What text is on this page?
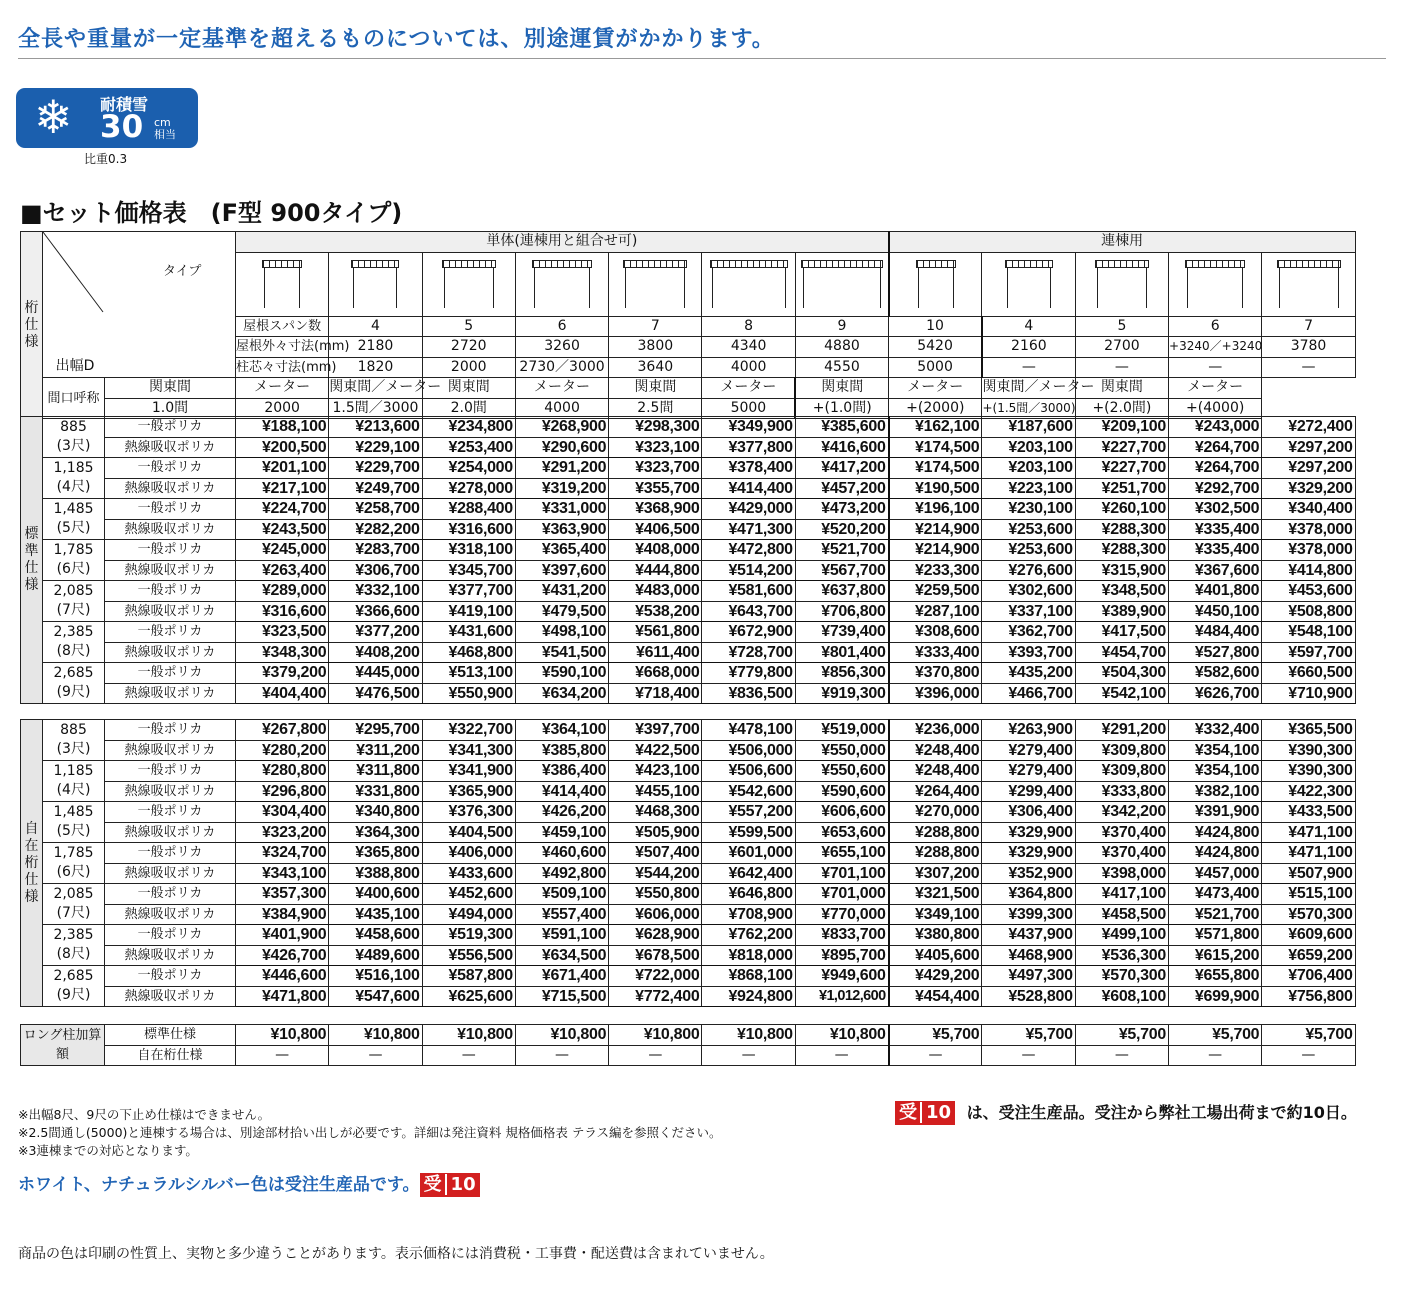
全長や重量が一定基準を超えるものについては、別途運賃がかかります。
❄ 耐積雪
30 cm 相当
比重0.3
■セット価格表　(F型 900タイプ)
桁仕様	タイプ		単体(連棟用と組合せ可)							連棟用					

			屋根スパン数	4	5	6	7	8	9	10	4	5	6	7	
			屋根外々寸法(mm)	2180	2720	3260	3800	4340	4880	5420	2160	2700	+3240／+3240	3780	
			柱芯々寸法(mm)	1820	2000	2730／3000	3640	4000	4550	5000	—	—	—	—	
	間口呼称	関東間	メーター	関東間／メーター	関東間	メーター	関東間	メーター	関東間	メーター	関東間／メーター	関東間	メーター		
		1.0間	2000	1.5間／3000	2.0間	4000	2.5間	5000	+(1.0間)	+(2000)	+(1.5間／3000)	+(2.0間)	+(4000)		
出幅D
標準仕様	885
(3尺)	一般ポリカ	¥188,100	¥213,600	¥234,800	¥268,900	¥298,300	¥349,900	¥385,600	¥162,100	¥187,600	¥209,100	¥243,000	¥272,400
		熱線吸収ポリカ	¥200,500	¥229,100	¥253,400	¥290,600	¥323,100	¥377,800	¥416,600	¥174,500	¥203,100	¥227,700	¥264,700	¥297,200

	1,185
(4尺)	一般ポリカ	¥201,100	¥229,700	¥254,000	¥291,200	¥323,700	¥378,400	¥417,200	¥174,500	¥203,100	¥227,700	¥264,700	¥297,200
		熱線吸収ポリカ	¥217,100	¥249,700	¥278,000	¥319,200	¥355,700	¥414,400	¥457,200	¥190,500	¥223,100	¥251,700	¥292,700	¥329,200

	1,485
(5尺)	一般ポリカ	¥224,700	¥258,700	¥288,400	¥331,000	¥368,900	¥429,000	¥473,200	¥196,100	¥230,100	¥260,100	¥302,500	¥340,400
		熱線吸収ポリカ	¥243,500	¥282,200	¥316,600	¥363,900	¥406,500	¥471,300	¥520,200	¥214,900	¥253,600	¥288,300	¥335,400	¥378,000

	1,785
(6尺)	一般ポリカ	¥245,000	¥283,700	¥318,100	¥365,400	¥408,000	¥472,800	¥521,700	¥214,900	¥253,600	¥288,300	¥335,400	¥378,000
		熱線吸収ポリカ	¥263,400	¥306,700	¥345,700	¥397,600	¥444,800	¥514,200	¥567,700	¥233,300	¥276,600	¥315,900	¥367,600	¥414,800

	2,085
(7尺)	一般ポリカ	¥289,000	¥332,100	¥377,700	¥431,200	¥483,000	¥581,600	¥637,800	¥259,500	¥302,600	¥348,500	¥401,800	¥453,600
		熱線吸収ポリカ	¥316,600	¥366,600	¥419,100	¥479,500	¥538,200	¥643,700	¥706,800	¥287,100	¥337,100	¥389,900	¥450,100	¥508,800

	2,385
(8尺)	一般ポリカ	¥323,500	¥377,200	¥431,600	¥498,100	¥561,800	¥672,900	¥739,400	¥308,600	¥362,700	¥417,500	¥484,400	¥548,100
		熱線吸収ポリカ	¥348,300	¥408,200	¥468,800	¥541,500	¥611,400	¥728,700	¥801,400	¥333,400	¥393,700	¥454,700	¥527,800	¥597,700

	2,685
(9尺)	一般ポリカ	¥379,200	¥445,000	¥513,100	¥590,100	¥668,000	¥779,800	¥856,300	¥370,800	¥435,200	¥504,300	¥582,600	¥660,500
		熱線吸収ポリカ	¥404,400	¥476,500	¥550,900	¥634,200	¥718,400	¥836,500	¥919,300	¥396,000	¥466,700	¥542,100	¥626,700	¥710,900
自在桁仕様	885
(3尺)	一般ポリカ	¥267,800	¥295,700	¥322,700	¥364,100	¥397,700	¥478,100	¥519,000	¥236,000	¥263,900	¥291,200	¥332,400	¥365,500
		熱線吸収ポリカ	¥280,200	¥311,200	¥341,300	¥385,800	¥422,500	¥506,000	¥550,000	¥248,400	¥279,400	¥309,800	¥354,100	¥390,300

	1,185
(4尺)	一般ポリカ	¥280,800	¥311,800	¥341,900	¥386,400	¥423,100	¥506,600	¥550,600	¥248,400	¥279,400	¥309,800	¥354,100	¥390,300
		熱線吸収ポリカ	¥296,800	¥331,800	¥365,900	¥414,400	¥455,100	¥542,600	¥590,600	¥264,400	¥299,400	¥333,800	¥382,100	¥422,300

	1,485
(5尺)	一般ポリカ	¥304,400	¥340,800	¥376,300	¥426,200	¥468,300	¥557,200	¥606,600	¥270,000	¥306,400	¥342,200	¥391,900	¥433,500
		熱線吸収ポリカ	¥323,200	¥364,300	¥404,500	¥459,100	¥505,900	¥599,500	¥653,600	¥288,800	¥329,900	¥370,400	¥424,800	¥471,100

	1,785
(6尺)	一般ポリカ	¥324,700	¥365,800	¥406,000	¥460,600	¥507,400	¥601,000	¥655,100	¥288,800	¥329,900	¥370,400	¥424,800	¥471,100
		熱線吸収ポリカ	¥343,100	¥388,800	¥433,600	¥492,800	¥544,200	¥642,400	¥701,100	¥307,200	¥352,900	¥398,000	¥457,000	¥507,900

	2,085
(7尺)	一般ポリカ	¥357,300	¥400,600	¥452,600	¥509,100	¥550,800	¥646,800	¥701,000	¥321,500	¥364,800	¥417,100	¥473,400	¥515,100
		熱線吸収ポリカ	¥384,900	¥435,100	¥494,000	¥557,400	¥606,000	¥708,900	¥770,000	¥349,100	¥399,300	¥458,500	¥521,700	¥570,300

	2,385
(8尺)	一般ポリカ	¥401,900	¥458,600	¥519,300	¥591,100	¥628,900	¥762,200	¥833,700	¥380,800	¥437,900	¥499,100	¥571,800	¥609,600
		熱線吸収ポリカ	¥426,700	¥489,600	¥556,500	¥634,500	¥678,500	¥818,000	¥895,700	¥405,600	¥468,900	¥536,300	¥615,200	¥659,200

	2,685
(9尺)	一般ポリカ	¥446,600	¥516,100	¥587,800	¥671,400	¥722,000	¥868,100	¥949,600	¥429,200	¥497,300	¥570,300	¥655,800	¥706,400
		熱線吸収ポリカ	¥471,800	¥547,600	¥625,600	¥715,500	¥772,400	¥924,800	¥1,012,600	¥454,400	¥528,800	¥608,100	¥699,900	¥756,800
ロング柱加算額	標準仕様	¥10,800	¥10,800	¥10,800	¥10,800	¥10,800	¥10,800	¥10,800	¥5,700	¥5,700	¥5,700	¥5,700	¥5,700
	自在桁仕様	—	—	—	—	—	—	—	—	—	—	—	—
※出幅8尺、9尺の下止め仕様はできません。
※2.5間通し(5000)と連棟する場合は、別途部材拾い出しが必要です。詳細は発注資料 規格価格表 テラス編を参照ください。
※3連棟までの対応となります。
ホワイト、ナチュラルシルバー色は受注生産品です。 受 10
受 10 は、受注生産品。受注から弊社工場出荷まで約10日。
商品の色は印刷の性質上、実物と多少違うことがあります。表示価格には消費税・工事費・配送費は含まれていません。
